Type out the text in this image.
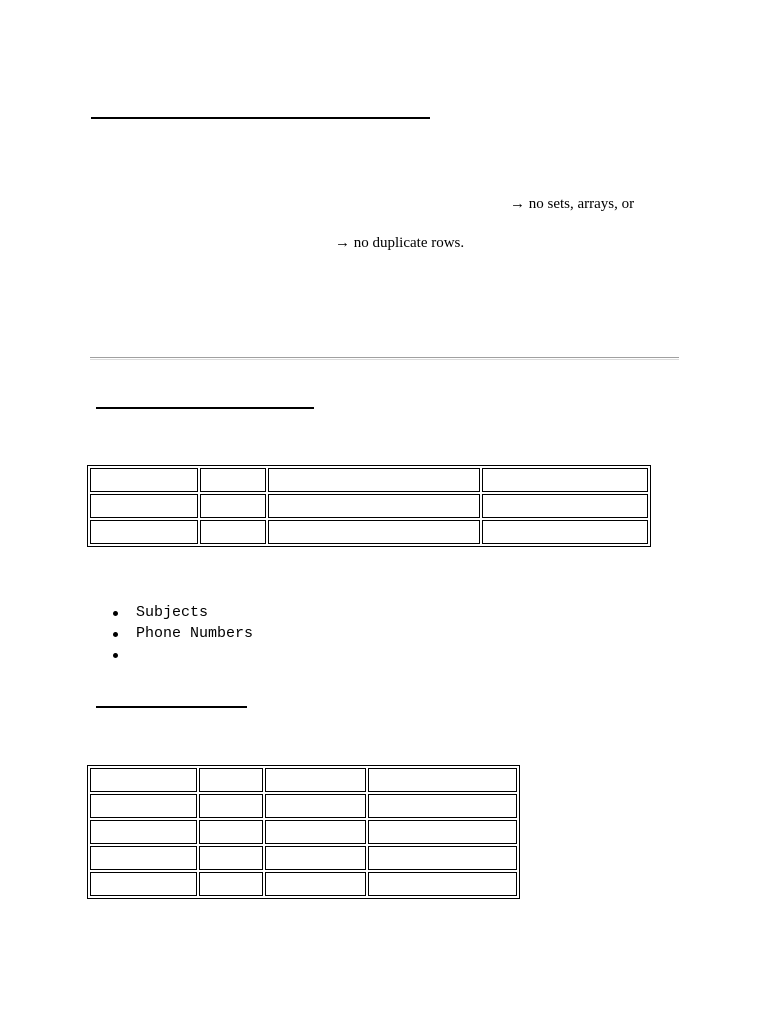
→ no sets, arrays, or
→ no duplicate rows.

Subjects
Phone Numbers
